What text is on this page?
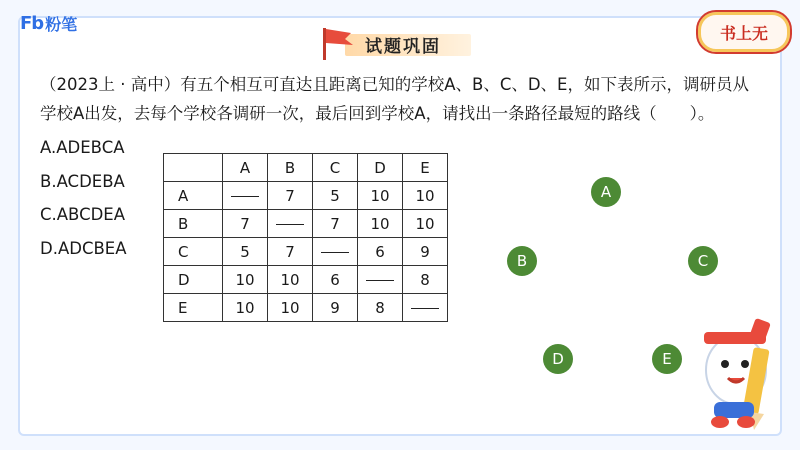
Fb 粉笔
试题巩固
书上无
（2023上 · 高中）有五个相互可直达且距离已知的学校A、B、C、D、E，如下表所示，调研员从
学校A出发，去每个学校各调研一次，最后回到学校A，请找出一条路径最短的路线（　　）。
A.ADEBCA
B.ACDEBA
C.ABCDEA
D.ADCBEA
	A	B	C	D	E
A		7	5	10	10
B	7		7	10	10
C	5	7		6	9
D	10	10	6		8
E	10	10	9	8	
A
B	C
D	E
